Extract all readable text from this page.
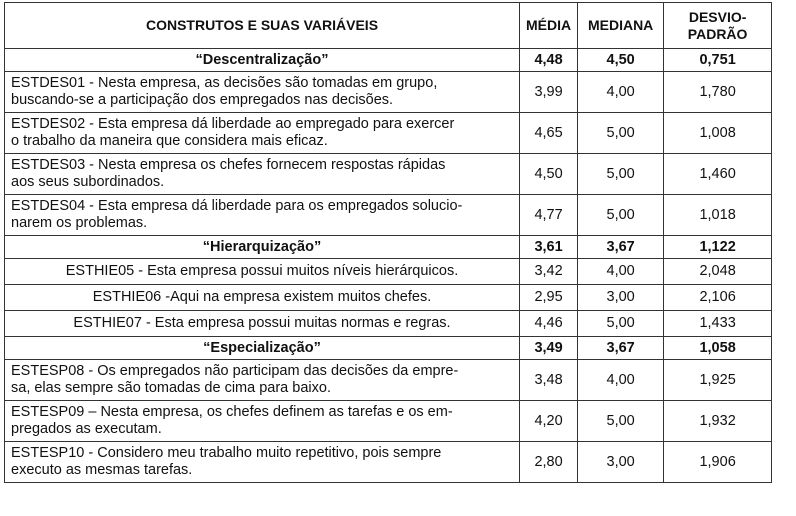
CONSTRUTOS E SUAS VARIÁVEIS	MÉDIA	MEDIANA	DESVIO-
PADRÃO

“Descentralização”	4,48	4,50	0,751

ESTDES01 - Nesta empresa, as decisões são tomadas em grupo,
buscando-se a participação dos empregados nas decisões.	3,99	4,00	1,780

ESTDES02 - Esta empresa dá liberdade ao empregado para exercer
o trabalho da maneira que considera mais eficaz.	4,65	5,00	1,008

ESTDES03 - Nesta empresa os chefes fornecem respostas rápidas
aos seus subordinados.	4,50	5,00	1,460

ESTDES04 - Esta empresa dá liberdade para os empregados solucio-
narem os problemas.	4,77	5,00	1,018
“Hierarquização”	3,61	3,67	1,122

ESTHIE05 - Esta empresa possui muitos níveis hierárquicos.	3,42	4,00	2,048

ESTHIE06 -Aqui na empresa existem muitos chefes.	2,95	3,00	2,106

ESTHIE07 - Esta empresa possui muitas normas e regras.	4,46	5,00	1,433
“Especialização”	3,49	3,67	1,058

ESTESP08 - Os empregados não participam das decisões da empre-
sa, elas sempre são tomadas de cima para baixo.	3,48	4,00	1,925

ESTESP09 – Nesta empresa, os chefes definem as tarefas e os em-
pregados as executam.	4,20	5,00	1,932

ESTESP10 - Considero meu trabalho muito repetitivo, pois sempre
executo as mesmas tarefas.	2,80	3,00	1,906
